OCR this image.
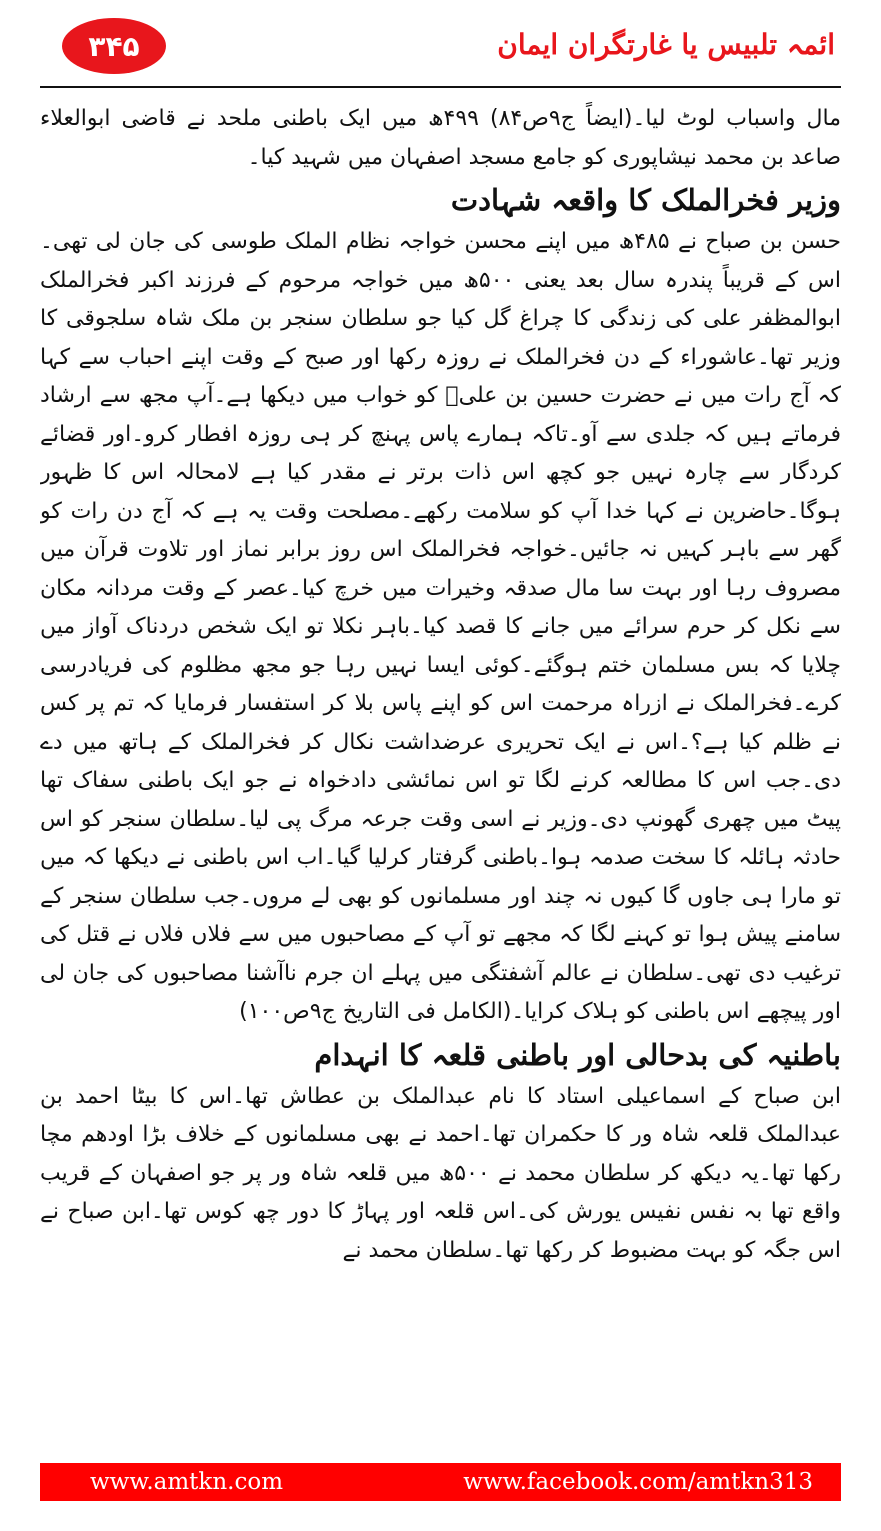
۳۴۵	ائمہ تلبیس یا غارتگران ایمان

مال واسباب لوٹ لیا۔(ایضاً ج۹ص۸۴) ۴۹۹ھ میں ایک باطنی ملحد نے قاضی ابوالعلاء صاعد بن محمد نیشاپوری کو جامع مسجد اصفہان میں شہید کیا۔

وزیر فخرالملک کا واقعہ شہادت

حسن بن صباح نے ۴۸۵ھ میں اپنے محسن خواجہ نظام الملک طوسی کی جان لی تھی۔اس کے قریباً پندرہ سال بعد یعنی ۵۰۰ھ میں خواجہ مرحوم کے فرزند اکبر فخرالملک ابوالمظفر علی کی زندگی کا چراغ گل کیا جو سلطان سنجر بن ملک شاہ سلجوقی کا وزیر تھا۔عاشوراء کے دن فخرالملک نے روزہ رکھا اور صبح کے وقت اپنے احباب سے کہا کہ آج رات میں نے حضرت حسین بن علیؓ کو خواب میں دیکھا ہے۔آپ مجھ سے ارشاد فرماتے ہیں کہ جلدی سے آو۔تاکہ ہمارے پاس پہنچ کر ہی روزہ افطار کرو۔اور قضائے کردگار سے چارہ نہیں جو کچھ اس ذات برتر نے مقدر کیا ہے لامحالہ اس کا ظہور ہوگا۔حاضرین نے کہا خدا آپ کو سلامت رکھے۔مصلحت وقت یہ ہے کہ آج دن رات کو گھر سے باہر کہیں نہ جائیں۔خواجہ فخرالملک اس روز برابر نماز اور تلاوت قرآن میں مصروف رہا اور بہت سا مال صدقہ وخیرات میں خرچ کیا۔عصر کے وقت مردانہ مکان سے نکل کر حرم سرائے میں جانے کا قصد کیا۔باہر نکلا تو ایک شخص دردناک آواز میں چلایا کہ بس مسلمان ختم ہوگئے۔کوئی ایسا نہیں رہا جو مجھ مظلوم کی فریادرسی کرے۔فخرالملک نے ازراہ مرحمت اس کو اپنے پاس بلا کر استفسار فرمایا کہ تم پر کس نے ظلم کیا ہے؟۔اس نے ایک تحریری عرضداشت نکال کر فخرالملک کے ہاتھ میں دے دی۔جب اس کا مطالعہ کرنے لگا تو اس نمائشی دادخواہ نے جو ایک باطنی سفاک تھا پیٹ میں چھری گھونپ دی۔وزیر نے اسی وقت جرعہ مرگ پی لیا۔سلطان سنجر کو اس حادثہ ہائلہ کا سخت صدمہ ہوا۔باطنی گرفتار کرلیا گیا۔اب اس باطنی نے دیکھا کہ میں تو مارا ہی جاوں گا کیوں نہ چند اور مسلمانوں کو بھی لے مروں۔جب سلطان سنجر کے سامنے پیش ہوا تو کہنے لگا کہ مجھے تو آپ کے مصاحبوں میں سے فلاں فلاں نے قتل کی ترغیب دی تھی۔سلطان نے عالم آشفتگی میں پہلے ان جرم ناآشنا مصاحبوں کی جان لی اور پیچھے اس باطنی کو ہلاک کرایا۔(الکامل فی التاریخ ج۹ص۱۰۰)

باطنیہ کی بدحالی اور باطنی قلعہ کا انہدام

ابن صباح کے اسماعیلی استاد کا نام عبدالملک بن عطاش تھا۔اس کا بیٹا احمد بن عبدالملک قلعہ شاہ ور کا حکمران تھا۔احمد نے بھی مسلمانوں کے خلاف بڑا اودھم مچا رکھا تھا۔یہ دیکھ کر سلطان محمد نے ۵۰۰ھ میں قلعہ شاہ ور پر جو اصفہان کے قریب واقع تھا بہ نفس نفیس یورش کی۔اس قلعہ اور پہاڑ کا دور چھ کوس تھا۔ابن صباح نے اس جگہ کو بہت مضبوط کر رکھا تھا۔سلطان محمد نے

www.amtkn.com	www.facebook.com/amtkn313
